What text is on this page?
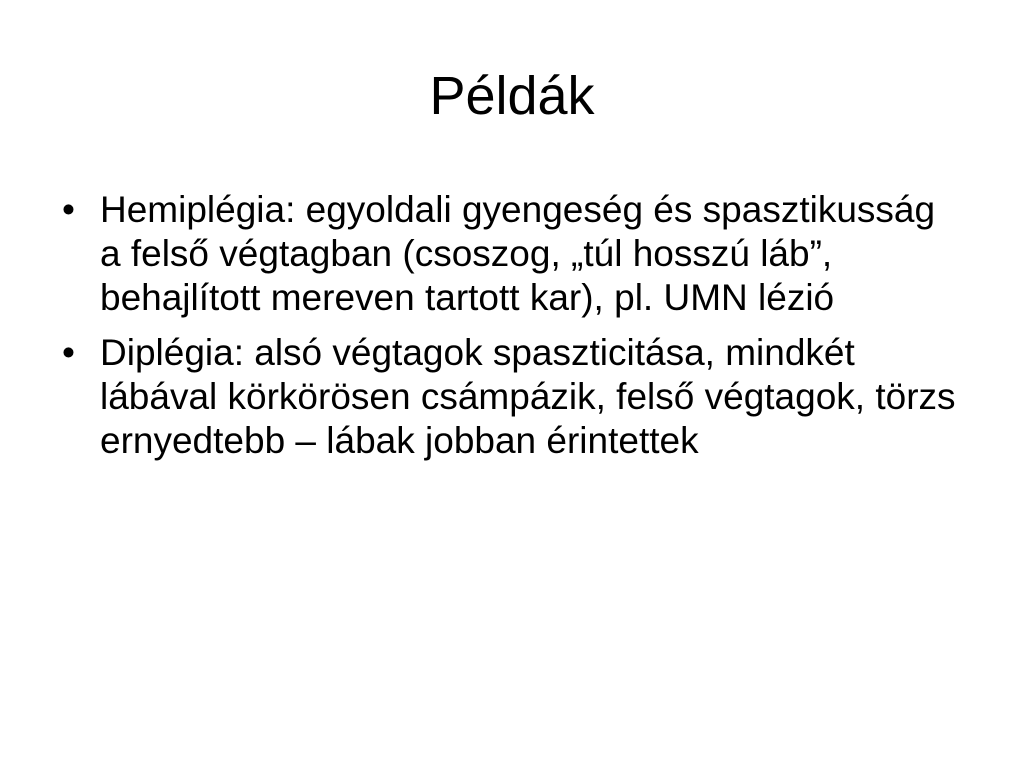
Példák
• Hemiplégia: egyoldali gyengeség és spasztikusság a felső végtagban (csoszog, „túl hosszú láb”, behajlított mereven tartott kar), pl. UMN lézió
• Diplégia: alsó végtagok spaszticitása, mindkét lábával körkörösen csámpázik, felső végtagok, törzs ernyedtebb – lábak jobban érintettek
